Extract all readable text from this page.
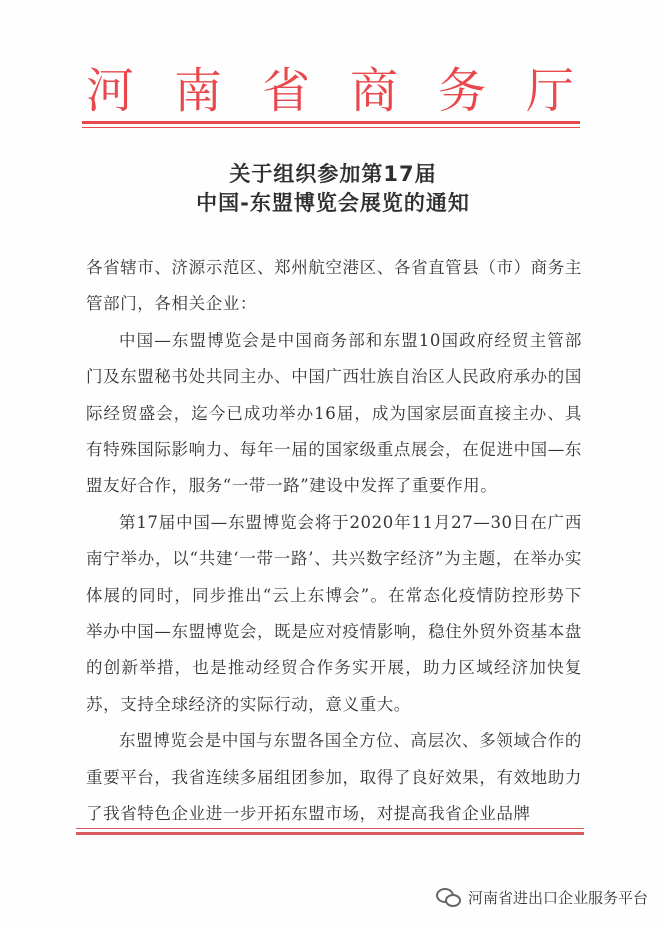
河 南 省 商 务 厅
关于组织参加第17届
中国-东盟博览会展览的通知

各省辖市、济源示范区、郑州航空港区、各省直管县（市）商务主管部门，各相关企业：

中国—东盟博览会是中国商务部和东盟10国政府经贸主管部门及东盟秘书处共同主办、中国广西壮族自治区人民政府承办的国际经贸盛会，迄今已成功举办16届，成为国家层面直接主办、具有特殊国际影响力、每年一届的国家级重点展会，在促进中国—东盟友好合作，服务“一带一路”建设中发挥了重要作用。

第17届中国—东盟博览会将于2020年11月27—30日在广西南宁举办，以“共建‘一带一路’、共兴数字经济”为主题，在举办实体展的同时，同步推出“云上东博会”。在常态化疫情防控形势下举办中国—东盟博览会，既是应对疫情影响，稳住外贸外资基本盘的创新举措，也是推动经贸合作务实开展，助力区域经济加快复苏，支持全球经济的实际行动，意义重大。

东盟博览会是中国与东盟各国全方位、高层次、多领域合作的重要平台，我省连续多届组团参加，取得了良好效果，有效地助力了我省特色企业进一步开拓东盟市场，对提高我省企业品牌

河南省进出口企业服务平台
